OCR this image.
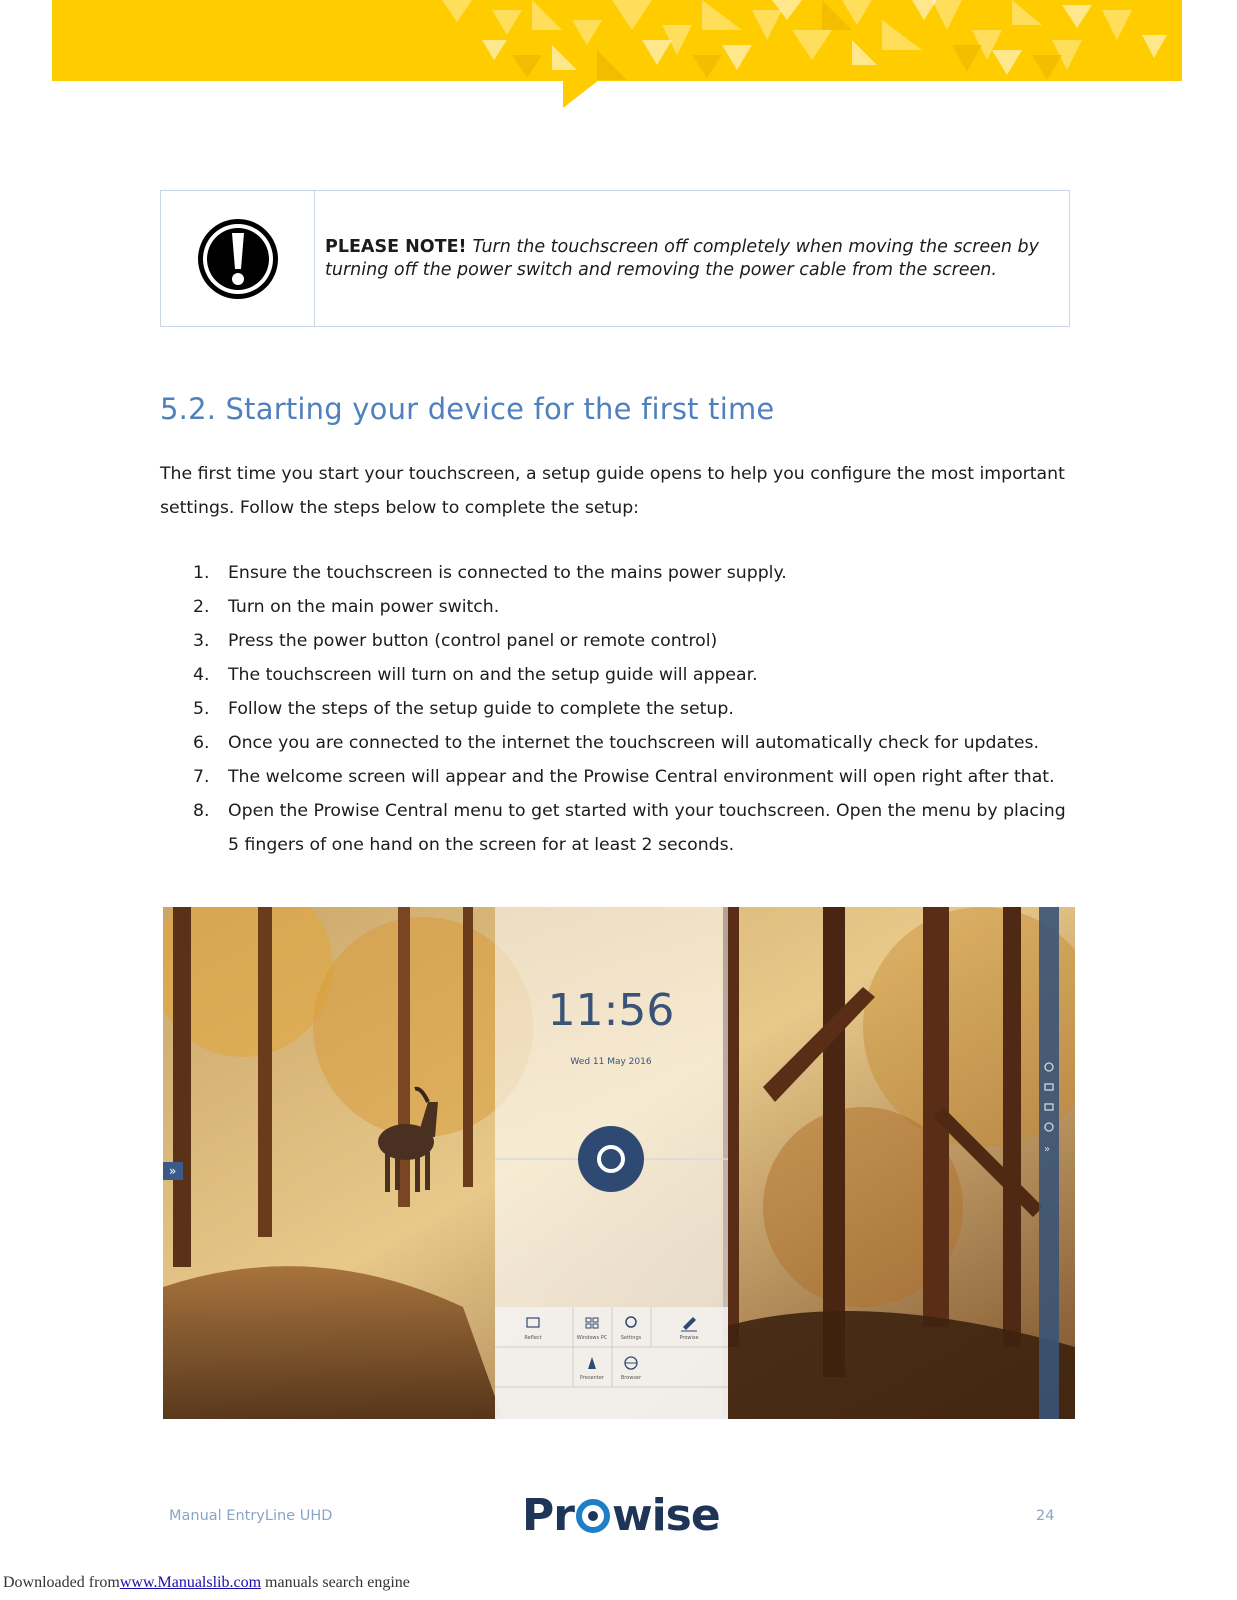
PLEASE NOTE! Turn the touchscreen off completely when moving the screen by turning off the power switch and removing the power cable from the screen.
5.2. Starting your device for the first time

The first time you start your touchscreen, a setup guide opens to help you configure the most important settings. Follow the steps below to complete the setup:

1.	Ensure the touchscreen is connected to the mains power supply.
2.	Turn on the main power switch.
3.	Press the power button (control panel or remote control)
4.	The touchscreen will turn on and the setup guide will appear.
5.	Follow the steps of the setup guide to complete the setup.
6.	Once you are connected to the internet the touchscreen will automatically check for updates.
7.	The welcome screen will appear and the Prowise Central environment will open right after that.
8.	Open the Prowise Central menu to get started with your touchscreen. Open the menu by placing 5 fingers of one hand on the screen for at least 2 seconds.
»
»
11:56
Wed 11 May 2016
Reflect	Windows PC	Settings	Prowise
Presenter	Browser
Manual EntryLine UHD	Pr wise	24
Downloaded fromwww.Manualslib.com manuals search engine
